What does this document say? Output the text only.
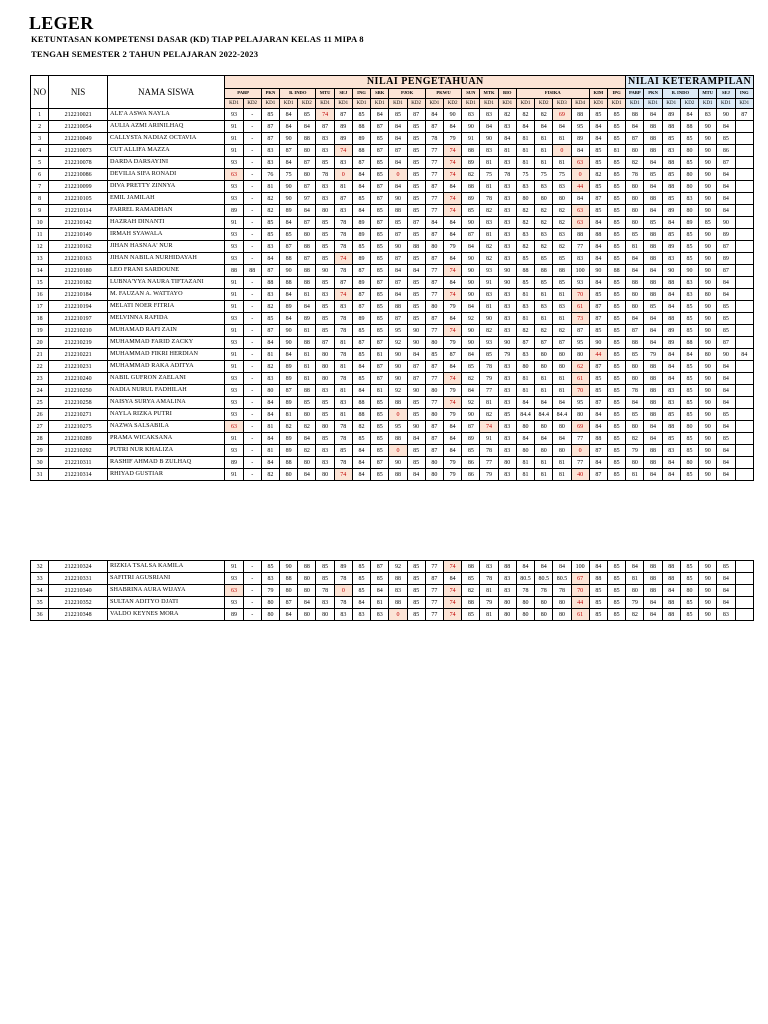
LEGER
KETUNTASAN KOMPETENSI DASAR (KD) TIAP PELAJARAN KELAS 11 MIPA 8
TENGAH SEMESTER 2 TAHUN PELAJARAN 2022-2023
NO	NIS	NAMA SISWA	NILAI PENGETAHUAN																						NILAI KETERAMPILAN						
			PABP		PKN	B. INDO		MTU	SEJ	ING	SBK	PJOK		PKWU		SUN	MTK	BIO	FISIKA				KIM	IPG	PABP	PKN	B. INDO		MTU	SEJ	ING
			KD1	KD2	KD1	KD1	KD2	KD1	KD1	KD1	KD1	KD1	KD2	KD1	KD2	KD1	KD1	KD1	KD1	KD2	KD3	KD4	KD1	KD1	KD1	KD1	KD1	KD2	KD1	KD1	KD1
1	212210021	ALE'A ASWA NAYLA	93	-	85	84	85	74	87	85	84	85	87	84	90	83	83	82	82	82	69	88	85	85	88	84	89	84	83	90	87
2	212210054	AULIA AZMI ARINILHAQ	91	-	87	84	84	87	89	88	87	84	85	87	84	90	84	83	84	84	84	95	84	85	84	88	88	88	90	84	
3	212210049	CALLYSTA NADIAZ OCTAVIA	91	-	87	90	88	83	89	89	85	84	85	78	79	91	90	84	81	81	81	89	84	85	87	88	85	85	90	85	
4	212210073	CUT ALLIFA MAZZA	91	-	83	87	80	83	74	88	87	87	85	77	74	88	83	81	81	81	0	84	85	81	80	88	83	80	90	86	
5	212210078	DARDA DARSAYINI	93	-	83	84	87	85	83	87	85	84	85	77	74	89	81	83	81	81	81	63	85	85	82	84	88	85	90	87	
6	212210086	DEVILIA SIFA RONADI	63	-	76	75	80	78	0	84	85	0	85	77	74	82	75	78	75	75	75	0	82	85	78	85	85	80	90	84	
7	212210099	DIVA PRETTY ZINNYA	93	-	81	90	87	83	81	84	87	84	85	87	84	88	81	83	83	83	83	44	85	85	80	84	88	80	90	84	
8	212210105	EMIL JAMILAH	93	-	82	90	97	83	87	85	87	90	85	77	74	89	78	83	80	80	80	84	87	85	80	88	85	83	90	84	
9	212210114	FARREL RAMADHAN	89	-	82	89	84	80	83	84	85	88	85	77	74	85	82	83	82	82	82	63	85	85	80	84	89	80	90	84	
10	212210142	HAZRAH DINANTI	91	-	85	84	87	85	78	89	87	85	87	84	84	90	83	83	82	82	82	63	84	85	80	85	84	89	85	90	
11	212210149	IRMAH SYAWALA	93	-	85	85	80	85	78	89	85	87	85	87	84	87	81	83	83	83	83	88	88	85	85	88	85	85	90	89	
12	212210162	JIHAN HASNAA' NUR	93	-	83	87	88	85	78	85	85	90	88	80	79	84	82	83	82	82	82	77	84	85	81	88	89	85	90	87	
13	212210163	JIHAN NABILA NURHIDAYAH	93	-	84	88	87	85	74	89	85	87	85	87	84	90	82	83	85	85	85	83	84	85	84	88	83	85	90	89	
14	212210180	LEO FRANI SARDOUNE	88	88	87	90	88	90	78	87	85	84	84	77	74	90	93	90	88	88	88	100	90	88	84	84	90	90	90	87	
15	212210182	LUBNA'YYA NAURA TIFTAZANI	91	-	88	88	88	85	87	89	87	87	85	87	84	90	91	90	85	85	85	93	84	85	88	88	88	83	90	84	
16	212210184	M. FAUZAN A. WATTAYO	91	-	83	84	81	83	74	87	85	84	85	77	74	90	83	83	81	81	81	70	85	85	80	88	84	83	80	84	
17	212210194	MELATI NOER FITRIA	91	-	82	89	84	85	83	87	85	88	85	80	79	84	81	83	83	83	83	61	87	85	80	85	84	85	90	85	
18	212210197	MELVINNA RAFIDA	93	-	85	84	89	85	78	89	85	87	85	87	84	92	90	83	81	81	81	73	87	85	84	84	88	85	90	85	
19	212210210	MUHAMAD RAFI ZAIN	91	-	87	90	81	85	78	85	85	95	90	77	74	90	82	83	82	82	82	87	85	85	87	84	89	85	90	85	
20	212210219	MUHAMMAD FARID ZACKY	93	-	84	90	88	87	81	87	87	92	90	80	79	90	93	90	87	87	87	95	90	85	88	84	89	88	90	87	
21	212210221	MUHAMMAD FIKRI HERDIAN	91	-	81	84	81	80	78	85	81	90	84	85	87	84	85	79	83	80	80	80	44	85	85	79	84	84	80	90	84
22	212210231	MUHAMMAD RAKA ADITYA	91	-	82	89	81	80	81	84	87	90	87	87	84	85	78	83	80	80	80	62	87	85	80	88	84	85	90	84	
23	212210240	NABIL GUFRON ZAELANI	93	-	83	89	81	80	78	85	87	90	87	77	74	82	79	83	81	81	81	61	85	85	80	88	84	85	90	84	
24	212210250	NADIA NURUL FADHILAH	93	-	80	87	88	83	81	84	81	92	90	80	79	84	77	83	81	81	81	70	85	85	78	88	83	85	90	84	
25	212210258	NAISYA SURYA AMALINA	93	-	84	89	85	85	83	88	85	88	85	77	74	92	81	83	84	84	84	95	87	85	84	88	83	85	90	84	
26	212210271	NAYLA RIZKA PUTRI	93	-	84	81	80	85	81	88	85	0	85	80	79	90	82	85	84.4	84.4	84.4	80	84	85	85	88	85	85	90	85	
27	212210275	NAZWA SALSABILA	63	-	81	82	82	80	78	82	85	95	90	87	84	87	74	83	80	80	80	69	84	85	80	84	88	80	90	84	
28	212210289	PRAMA WICAKSANA	91	-	84	89	84	85	78	85	85	88	84	87	84	89	91	83	84	84	84	77	88	85	82	84	85	85	90	85	
29	212210292	PUTRI NUR KHALIZA	93	-	81	89	82	83	85	84	85	0	85	87	84	85	78	83	80	80	80	0	87	85	79	88	83	85	90	84	
30	212210311	RASHIF AHMAD B ZULHAQ	89	-	84	88	80	83	78	84	87	90	85	80	79	86	77	80	81	81	81	77	84	85	80	88	84	80	90	84	
31	212210314	RHIYAD GUSTIAR	91	-	82	80	84	80	74	84	85	88	84	80	79	86	79	83	81	81	81	40	87	85	81	84	84	85	90	84	
32	212210324	RIZKIA TSALSA KAMILA	91	-	85	90	88	85	89	85	87	92	85	77	74	88	83	88	84	84	84	100	84	85	84	88	88	85	90	85	
33	212210331	SAFITRI AGUSRIANI	93	-	83	88	80	85	78	85	85	88	85	87	84	85	78	83	80.5	80.5	80.5	67	88	85	81	88	88	85	90	84	
34	212210340	SHABRINA AURA WIJAYA	63	-	79	80	80	78	0	85	84	83	85	77	74	82	81	83	78	78	78	70	85	85	80	88	84	80	90	84	
35	212210352	SULTAN ADITYO DJATI	93	-	80	87	84	83	78	84	81	88	85	77	74	88	79	80	80	80	80	44	85	85	79	84	88	85	90	84	
36	212210348	VALDO KEYNES MORA	89	-	80	84	80	80	83	83	83	0	85	77	74	85	81	80	80	80	80	61	85	85	82	84	88	85	90	83	
